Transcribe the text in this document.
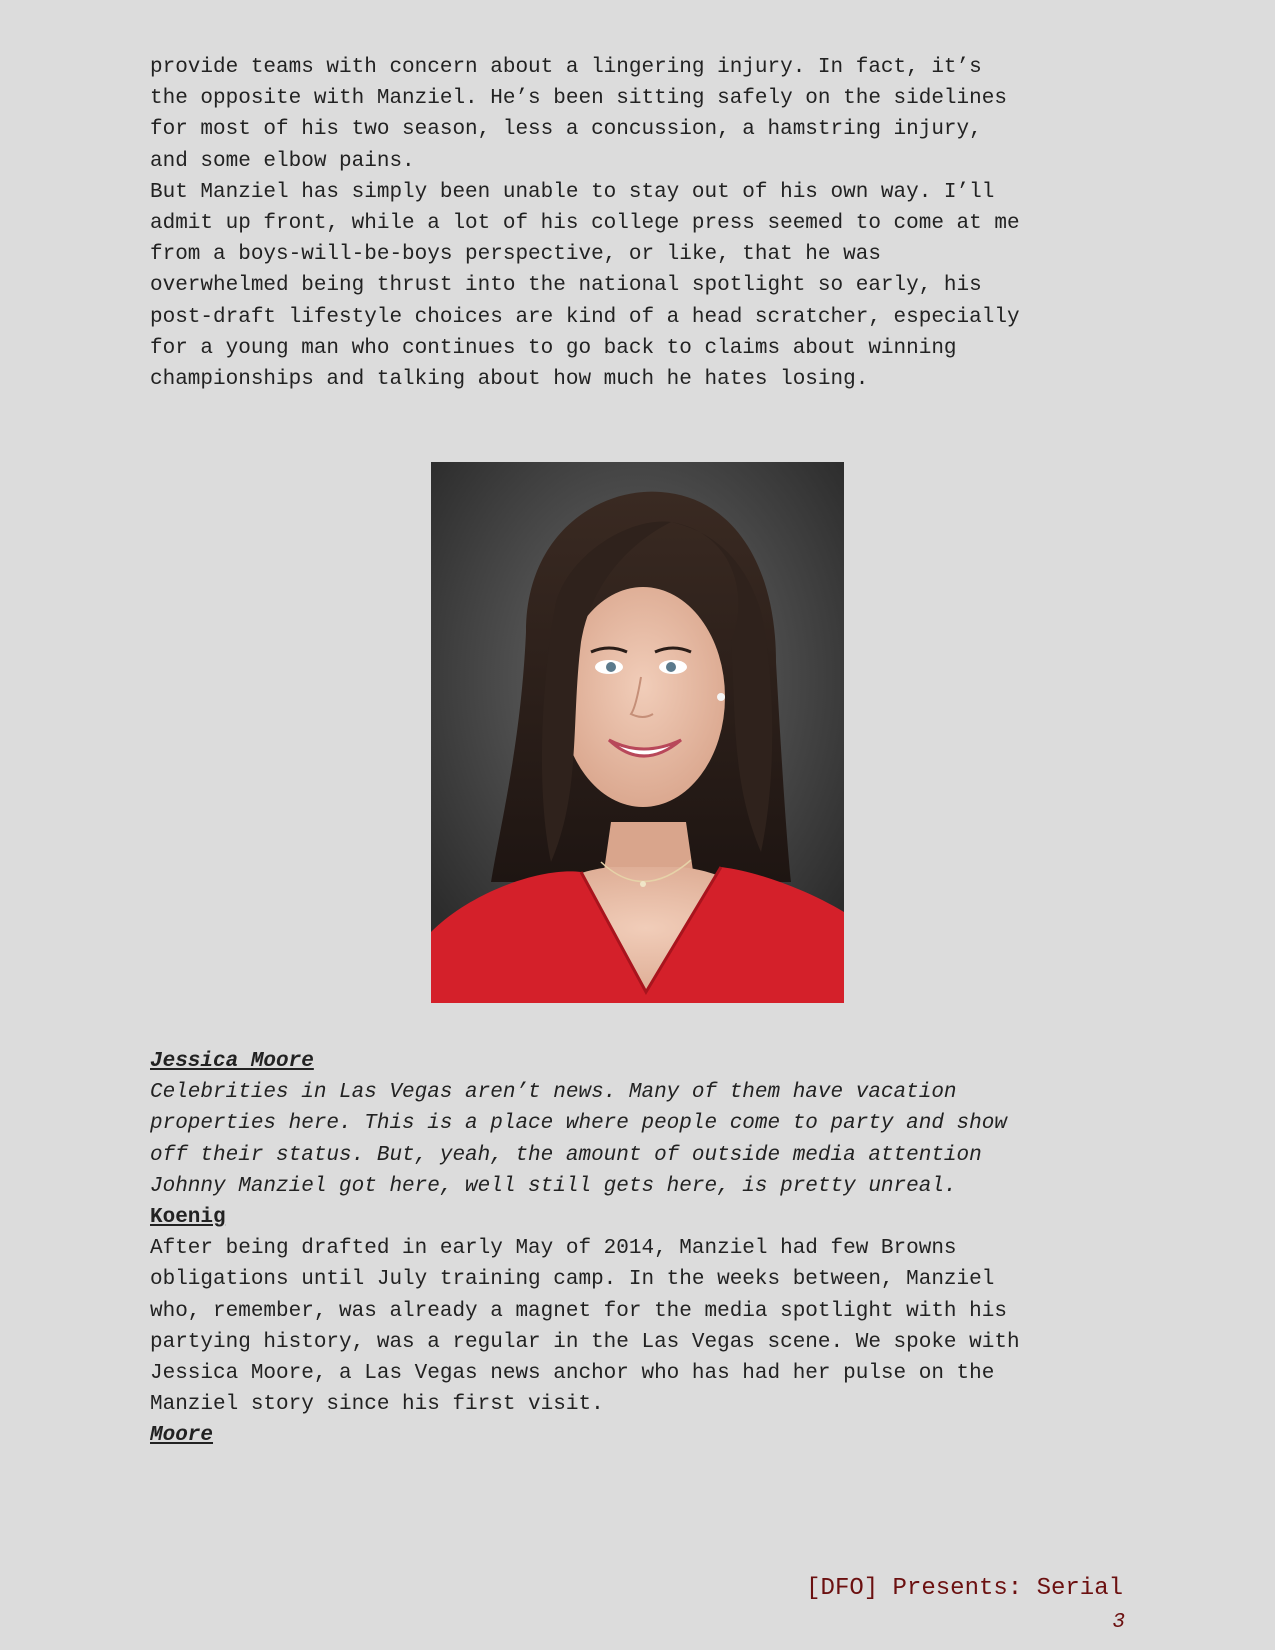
provide teams with concern about a lingering injury. In fact, it’s
the opposite with Manziel. He’s been sitting safely on the sidelines
for most of his two season, less a concussion, a hamstring injury,
and some elbow pains.

But Manziel has simply been unable to stay out of his own way. I’ll
admit up front, while a lot of his college press seemed to come at me
from a boys-will-be-boys perspective, or like, that he was
overwhelmed being thrust into the national spotlight so early, his
post-draft lifestyle choices are kind of a head scratcher, especially
for a young man who continues to go back to claims about winning
championships and talking about how much he hates losing.

Jessica Moore

Celebrities in Las Vegas aren’t news. Many of them have vacation
properties here. This is a place where people come to party and show
off their status. But, yeah, the amount of outside media attention
Johnny Manziel got here, well still gets here, is pretty unreal.

Koenig

After being drafted in early May of 2014, Manziel had few Browns
obligations until July training camp. In the weeks between, Manziel
who, remember, was already a magnet for the media spotlight with his
partying history, was a regular in the Las Vegas scene. We spoke with
Jessica Moore, a Las Vegas news anchor who has had her pulse on the
Manziel story since his first visit.

Moore

[DFO] Presents: Serial
3
